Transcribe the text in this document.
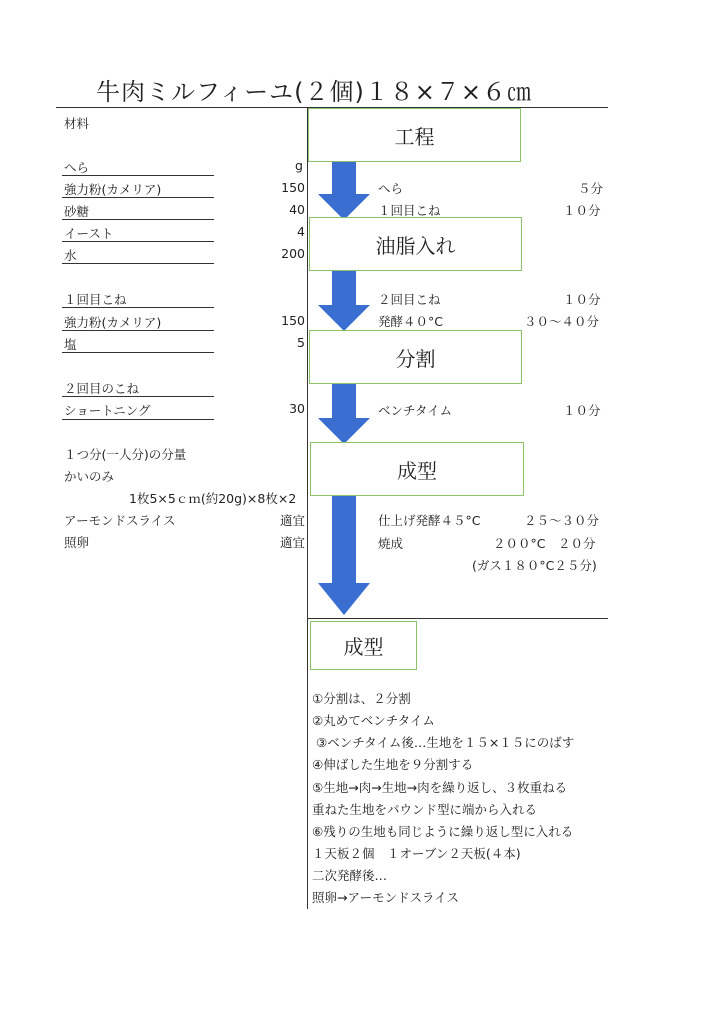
牛肉ミルフィーユ(２個)１８×７×６㎝
材料
へら	g
強力粉(カメリア)	150
砂糖	40
イースト	4
水	200
１回目こね
強力粉(カメリア)	150
塩	5
２回目のこね
ショートニング	30
１つ分(一人分)の分量
かいのみ
1枚5×5ｃｍ(約20g)×8枚×2
アーモンドスライス	適宜
照卵	適宜
工程
油脂入れ
分割
成型
へら	５分
１回目こね	１０分
２回目こね	１０分
発酵４０°C	３０～４０分
ベンチタイム	１０分
仕上げ発酵４５°C	２５～３０分
焼成	２００°C　２０分
(ガス１８０°C２５分)
成型
①分割は、２分割
②丸めてベンチタイム
③ベンチタイム後…生地を１５×１５にのばす
④伸ばした生地を９分割する
⑤生地→肉→生地→肉を繰り返し、３枚重ねる
重ねた生地をパウンド型に端から入れる
⑥残りの生地も同じように繰り返し型に入れる
１天板２個　１オーブン２天板(４本)
二次発酵後…
照卵→アーモンドスライス
